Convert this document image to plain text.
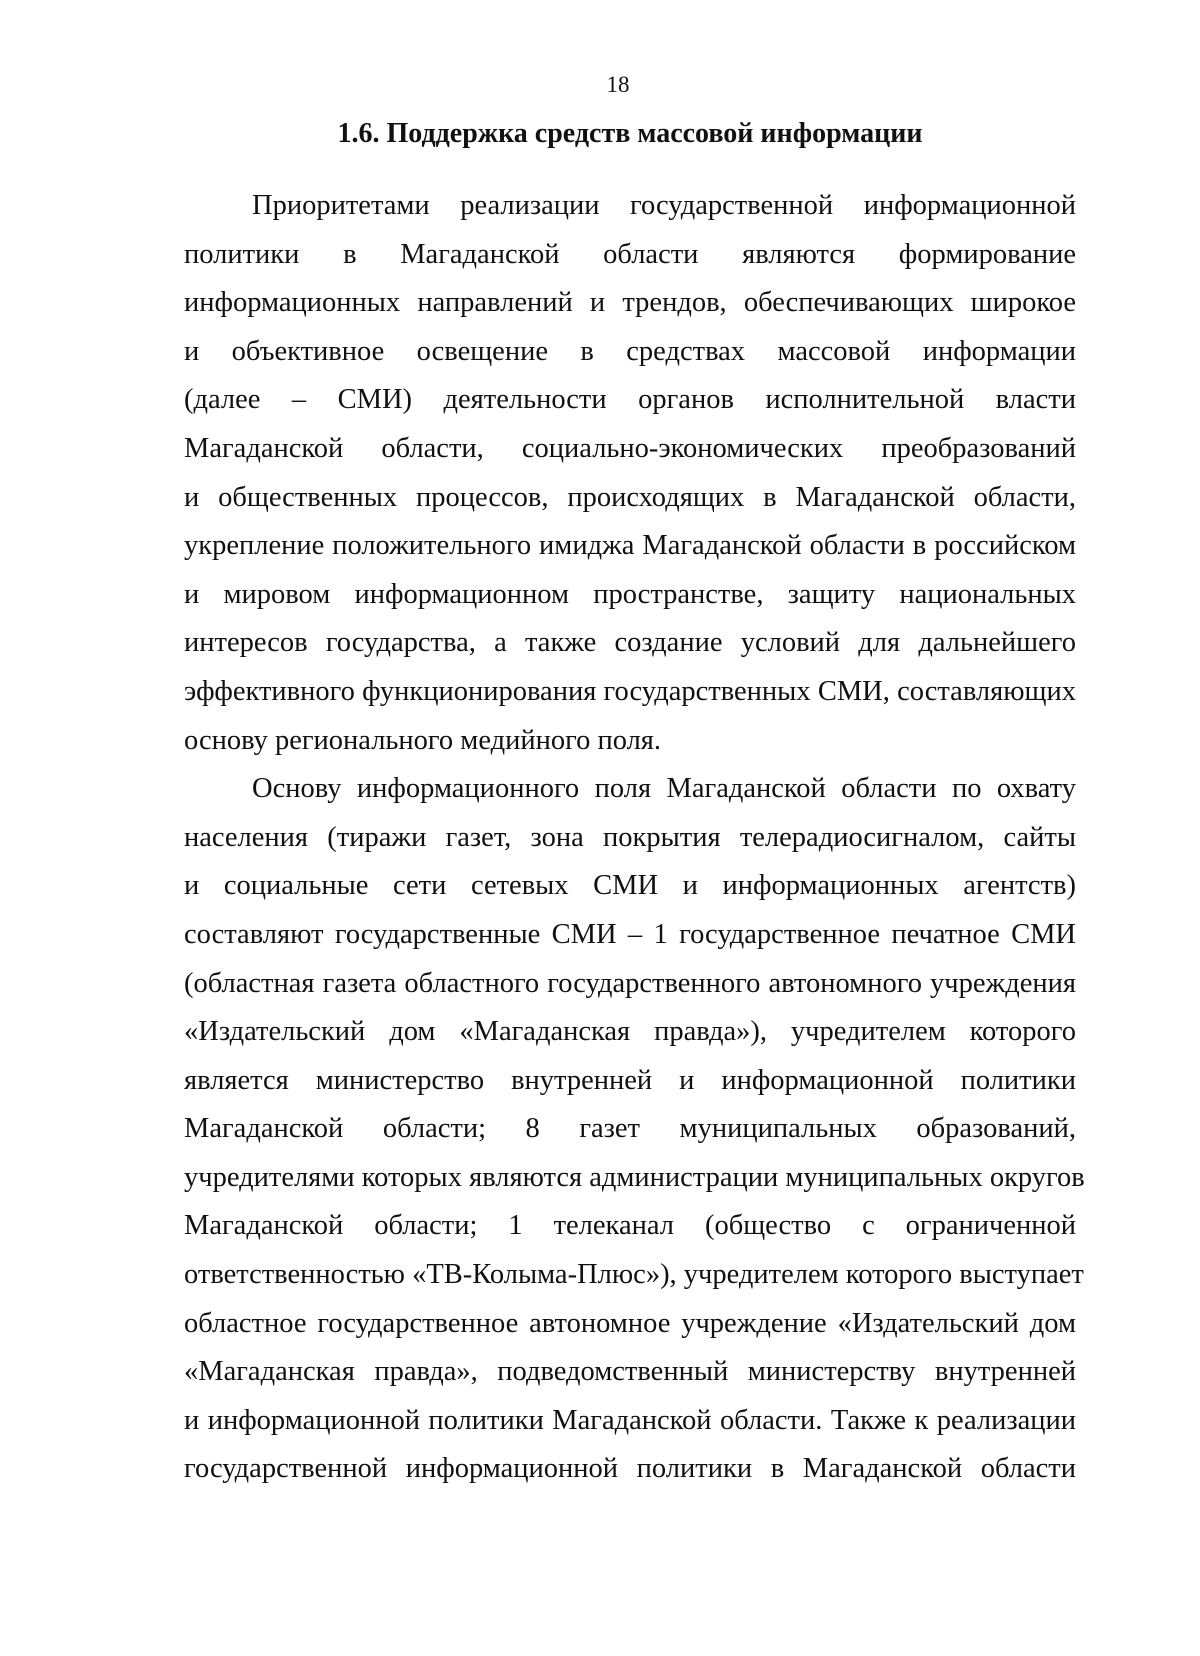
18
1.6. Поддержка средств массовой информации
Приоритетами реализации государственной информационной
политики в Магаданской области являются формирование
информационных направлений и трендов, обеспечивающих широкое
и объективное освещение в средствах массовой информации
(далее – СМИ) деятельности органов исполнительной власти
Магаданской области, социально-экономических преобразований
и общественных процессов, происходящих в Магаданской области,
укрепление положительного имиджа Магаданской области в российском
и мировом информационном пространстве, защиту национальных
интересов государства, а также создание условий для дальнейшего
эффективного функционирования государственных СМИ, составляющих
основу регионального медийного поля.
Основу информационного поля Магаданской области по охвату
населения (тиражи газет, зона покрытия телерадиосигналом, сайты
и социальные сети сетевых СМИ и информационных агентств)
составляют государственные СМИ – 1 государственное печатное СМИ
(областная газета областного государственного автономного учреждения
«Издательский дом «Магаданская правда»), учредителем которого
является министерство внутренней и информационной политики
Магаданской области; 8 газет муниципальных образований,
учредителями которых являются администрации муниципальных округов
Магаданской области; 1 телеканал (общество с ограниченной
ответственностью «ТВ-Колыма-Плюс»), учредителем которого выступает
областное государственное автономное учреждение «Издательский дом
«Магаданская правда», подведомственный министерству внутренней
и информационной политики Магаданской области. Также к реализации
государственной информационной политики в Магаданской области
